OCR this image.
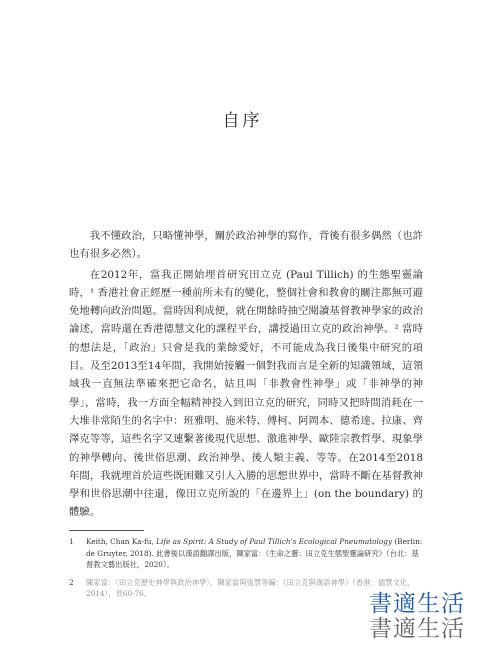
自序

我不懂政治，只略懂神學，關於政治神學的寫作，背後有很多偶然（也許也有很多必然）。

在2012年，當我正開始埋首研究田立克 (Paul Tillich) 的生態聖靈論時，¹ 香港社會正經歷一種前所未有的變化，整個社會和教會的關注都無可避免地轉向政治問題。當時因利成便，就在開餘時抽空閱讀基督教神學家的政治論述，當時還在香港德慧文化的課程平台，講授過田立克的政治神學。² 當時的想法是，「政治」只會是我的業餘愛好，不可能成為我日後集中研究的項目。及至2013至14年間，我開始接觸一個對我而言是全新的知識領域，這領域我一直無法準確來把它命名，姑且叫「非教會性神學」或「非神學的神學」，當時，我一方面全幅精神投入到田立克的研究，同時又把時間消耗在一大堆非常陌生的名字中：班雅明、施米特、傅柯、阿岡本、德希達、拉康、齊澤克等等，這些名字又連繫著後現代思想、激進神學、歐陸宗教哲學、現象學的神學轉向、後世俗思潮、政治神學、後人類主義、等等。在2014至2018年間，我就埋首於這些既困難又引人入勝的思想世界中，當時不斷在基督教神學和世俗思潮中往還，像田立克所說的「在邊界上」(on the boundary) 的體驗。

1	Keith, Chan Ka-fu, Life as Spirit: A Study of Paul Tillich's Ecological Pneumatology (Berlin: de Gruyter, 2018). 此書後以漢語翻譯出版，陳家富：《生命之靈：田立克生態聖靈論研究》（台北：基督教文藝出版社，2020）。
2	陳家富：〈田立克歷史神學與政治神學〉，陳家富與張慧等編：《田立克與漢語神學》（香港：德慧文化，2014），頁60-76。	書適生活
書適生活
